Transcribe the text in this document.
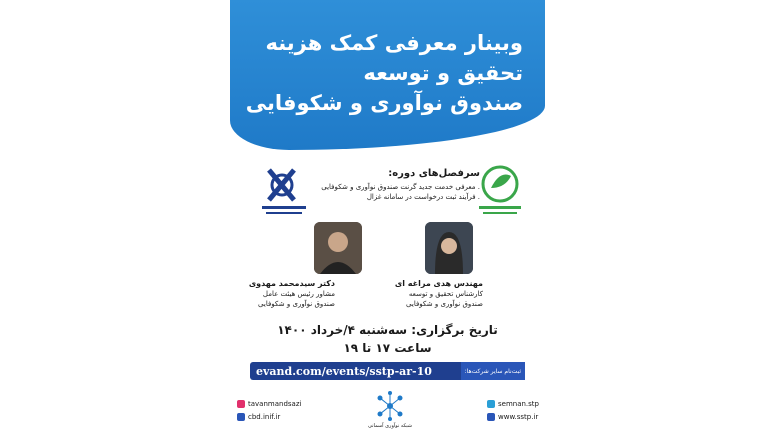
وبینار معرفی کمک هزینه
تحقیق و توسعه
صندوق نوآوری و شکوفایی
سرفصل‌های دوره:
. معرفی خدمت جدید گرنت صندوق نوآوری و شکوفایی
. فرآیند ثبت درخواست در سامانه غزال
دکتر سیدمحمد مهدوی
مشاور رئیس هیئت عامل
صندوق نوآوری و شکوفایی
مهندس هدی مراغه ای
کارشناس تحقیق و توسعه
صندوق نوآوری و شکوفایی
تاریخ برگزاری: سه‌شنبه ۴/خرداد ۱۴۰۰
ساعت ۱۷ تا ۱۹
evand.com/events/sstp-ar-10	ثبت‌نام سایر شرکت‌ها:
tavanmandsazi
cbd.inif.ir
شبکه نوآوری آسمانی
semnan.stp
www.sstp.ir
